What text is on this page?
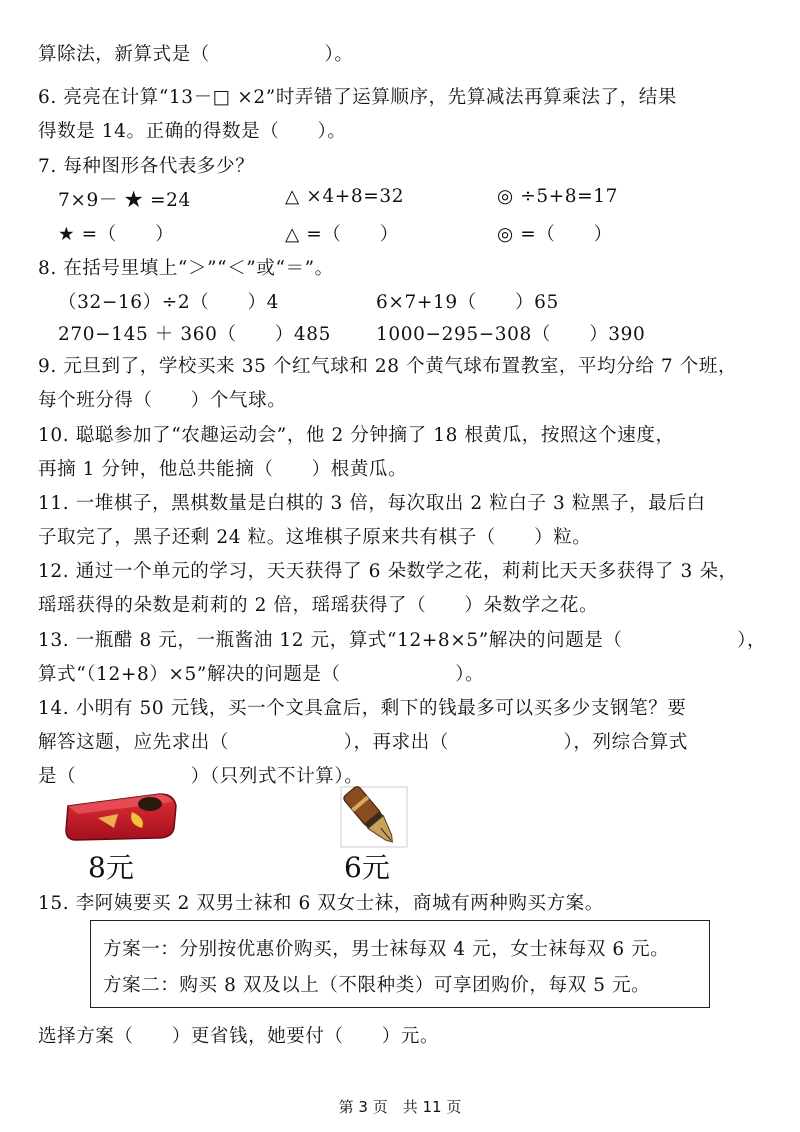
算除法，新算式是（　　　　　　）。
6. 亮亮在计算“13－□ ×2”时弄错了运算顺序，先算减法再算乘法了，结果
得数是 14。正确的得数是（　　）。
7. 每种图形各代表多少？
7×9－ ★ =24	△ ×4+8=32	◎ ÷5+8=17
★ =（　　）	△ =（　　）	◎ =（　　）
8. 在括号里填上“＞”“＜”或“＝”。
（32−16）÷2（　　）4	6×7+19（　　）65
270−145 ＋ 360（　　）485 1000−295−308（　　）390
9. 元旦到了，学校买来 35 个红气球和 28 个黄气球布置教室，平均分给 7 个班，
每个班分得（　　）个气球。
10. 聪聪参加了“农趣运动会”，他 2 分钟摘了 18 根黄瓜，按照这个速度，
再摘 1 分钟，他总共能摘（　　）根黄瓜。
11. 一堆棋子，黑棋数量是白棋的 3 倍，每次取出 2 粒白子 3 粒黑子，最后白
子取完了，黑子还剩 24 粒。这堆棋子原来共有棋子（　　）粒。
12. 通过一个单元的学习，天天获得了 6 朵数学之花，莉莉比天天多获得了 3 朵，
瑶瑶获得的朵数是莉莉的 2 倍，瑶瑶获得了（　　）朵数学之花。
13. 一瓶醋 8 元，一瓶酱油 12 元，算式“12+8×5”解决的问题是（　　　　　　），
算式“（12+8）×5”解决的问题是（　　　　　　）。
14. 小明有 50 元钱，买一个文具盒后，剩下的钱最多可以买多少支钢笔？要
解答这题，应先求出（　　　　　　），再求出（　　　　　　），列综合算式
是（　　　　　　）（只列式不计算）。
8元	6元
15. 李阿姨要买 2 双男士袜和 6 双女士袜，商城有两种购买方案。
方案一：分别按优惠价购买，男士袜每双 4 元，女士袜每双 6 元。
方案二：购买 8 双及以上（不限种类）可享团购价，每双 5 元。
选择方案（　　）更省钱，她要付（　　）元。
第 3 页　共 11 页
